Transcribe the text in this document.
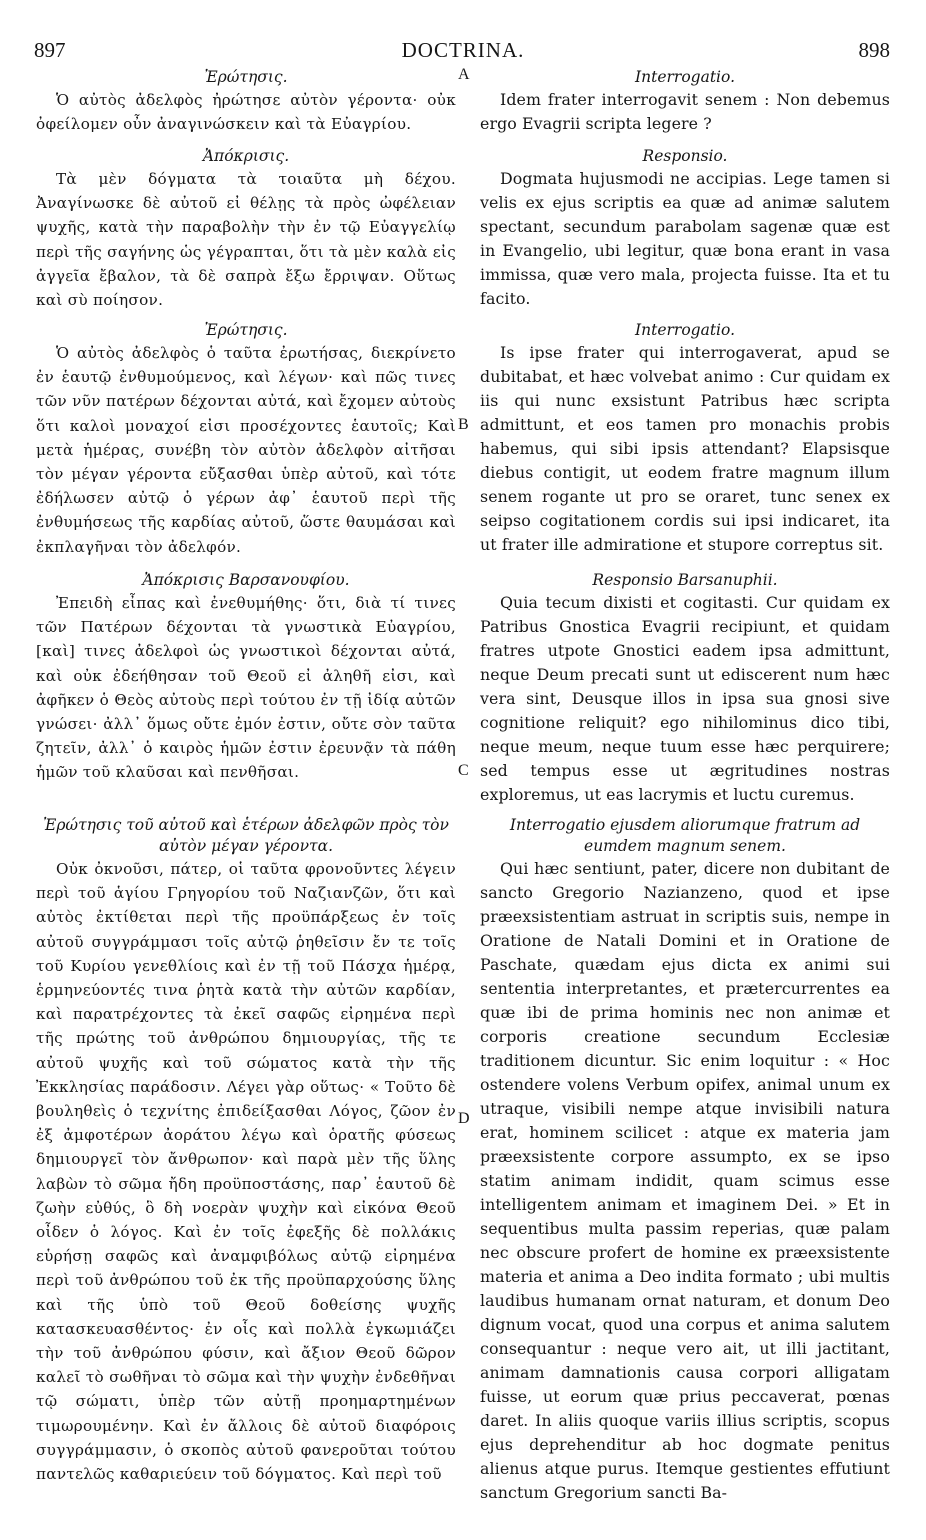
897	DOCTRINA.	898
A
B
C
D
Ἐρώτησις.
Ὁ αὐτὸς ἀδελφὸς ἠρώτησε αὐτὸν γέροντα· οὐκ ὀφείλομεν οὖν ἀναγινώσκειν καὶ τὰ Εὐαγρίου.
Ἀπόκρισις.
Τὰ μὲν δόγματα τὰ τοιαῦτα μὴ δέχου. Ἀναγίνωσκε δὲ αὐτοῦ εἰ θέλῃς τὰ πρὸς ὠφέλειαν ψυχῆς, κατὰ τὴν παραβολὴν τὴν ἐν τῷ Εὐαγγελίῳ περὶ τῆς σαγήνης ὡς γέγραπται, ὅτι τὰ μὲν καλὰ εἰς ἀγγεῖα ἔβαλον, τὰ δὲ σαπρὰ ἔξω ἔρριψαν. Οὕτως καὶ σὺ ποίησον.
Ἐρώτησις.
Ὁ αὐτὸς ἀδελφὸς ὁ ταῦτα ἐρωτήσας, διεκρίνετο ἐν ἑαυτῷ ἐνθυμούμενος, καὶ λέγων· καὶ πῶς τινες τῶν νῦν πατέρων δέχονται αὐτά, καὶ ἔχομεν αὐτοὺς ὅτι καλοὶ μοναχοί εἰσι προσέχοντες ἑαυτοῖς; Καὶ μετὰ ἡμέρας, συνέβη τὸν αὐτὸν ἀδελφὸν αἰτῆσαι τὸν μέγαν γέροντα εὔξασθαι ὑπὲρ αὐτοῦ, καὶ τότε ἐδήλωσεν αὐτῷ ὁ γέρων ἀφ᾽ ἑαυτοῦ περὶ τῆς ἐνθυμήσεως τῆς καρδίας αὐτοῦ, ὥστε θαυμάσαι καὶ ἐκπλαγῆναι τὸν ἀδελφόν.
Ἀπόκρισις Βαρσανουφίου.
Ἐπειδὴ εἶπας καὶ ἐνεθυμήθης· ὅτι, διὰ τί τινες τῶν Πατέρων δέχονται τὰ γνωστικὰ Εὐαγρίου, [καὶ] τινες ἀδελφοὶ ὡς γνωστικοὶ δέχονται αὐτά, καὶ οὐκ ἐδεήθησαν τοῦ Θεοῦ εἰ ἀληθῆ εἰσι, καὶ ἀφῆκεν ὁ Θεὸς αὐτοὺς περὶ τούτου ἐν τῇ ἰδίᾳ αὐτῶν γνώσει· ἀλλ᾽ ὅμως οὔτε ἐμόν ἐστιν, οὔτε σὸν ταῦτα ζητεῖν, ἀλλ᾽ ὁ καιρὸς ἡμῶν ἐστιν ἐρευνᾷν τὰ πάθη ἡμῶν τοῦ κλαῦσαι καὶ πενθῆσαι.
Ἐρώτησις τοῦ αὐτοῦ καὶ ἑτέρων ἀδελφῶν πρὸς τὸν αὐτὸν μέγαν γέροντα.
Οὐκ ὀκνοῦσι, πάτερ, οἱ ταῦτα φρονοῦντες λέγειν περὶ τοῦ ἁγίου Γρηγορίου τοῦ Ναζιανζῶν, ὅτι καὶ αὐτὸς ἐκτίθεται περὶ τῆς προϋπάρξεως ἐν τοῖς αὐτοῦ συγγράμμασι τοῖς αὐτῷ ῥηθεῖσιν ἔν τε τοῖς τοῦ Κυρίου γενεθλίοις καὶ ἐν τῇ τοῦ Πάσχα ἡμέρᾳ, ἑρμηνεύοντές τινα ῥητὰ κατὰ τὴν αὐτῶν καρδίαν, καὶ παρατρέχοντες τὰ ἐκεῖ σαφῶς εἰρημένα περὶ τῆς πρώτης τοῦ ἀνθρώπου δημιουργίας, τῆς τε αὐτοῦ ψυχῆς καὶ τοῦ σώματος κατὰ τὴν τῆς Ἐκκλησίας παράδοσιν. Λέγει γὰρ οὕτως· « Τοῦτο δὲ βουληθεὶς ὁ τεχνίτης ἐπιδείξασθαι Λόγος, ζῶον ἐν ἐξ ἀμφοτέρων ἀοράτου λέγω καὶ ὁρατῆς φύσεως δημιουργεῖ τὸν ἄνθρωπον· καὶ παρὰ μὲν τῆς ὕλης λαβὼν τὸ σῶμα ἤδη προϋποστάσης, παρ᾽ ἑαυτοῦ δὲ ζωὴν εὐθύς, ὃ δὴ νοερὰν ψυχὴν καὶ εἰκόνα Θεοῦ οἶδεν ὁ λόγος. Καὶ ἐν τοῖς ἐφεξῆς δὲ πολλάκις εὑρήσῃ σαφῶς καὶ ἀναμφιβόλως αὐτῷ εἰρημένα περὶ τοῦ ἀνθρώπου τοῦ ἐκ τῆς προϋπαρχούσης ὕλης καὶ τῆς ὑπὸ τοῦ Θεοῦ δοθείσης ψυχῆς κατασκευασθέντος· ἐν οἷς καὶ πολλὰ ἐγκωμιάζει τὴν τοῦ ἀνθρώπου φύσιν, καὶ ἄξιον Θεοῦ δῶρον καλεῖ τὸ σωθῆναι τὸ σῶμα καὶ τὴν ψυχὴν ἐνδεθῆναι τῷ σώματι, ὑπὲρ τῶν αὐτῇ προημαρτημένων τιμωρουμένην. Καὶ ἐν ἄλλοις δὲ αὐτοῦ διαφόροις συγγράμμασιν, ὁ σκοπὸς αὐτοῦ φανεροῦται τούτου παντελῶς καθαριεύειν τοῦ δόγματος. Καὶ περὶ τοῦ
Interrogatio.
Idem frater interrogavit senem : Non debemus ergo Evagrii scripta legere ?
Responsio.
Dogmata hujusmodi ne accipias. Lege tamen si velis ex ejus scriptis ea quæ ad animæ salutem spectant, secundum parabolam sagenæ quæ est in Evangelio, ubi legitur, quæ bona erant in vasa immissa, quæ vero mala, projecta fuisse. Ita et tu facito.
Interrogatio.
Is ipse frater qui interrogaverat, apud se dubitabat, et hæc volvebat animo : Cur quidam ex iis qui nunc exsistunt Patribus hæc scripta admittunt, et eos tamen pro monachis probis habemus, qui sibi ipsis attendant? Elapsisque diebus contigit, ut eodem fratre magnum illum senem rogante ut pro se oraret, tunc senex ex seipso cogitationem cordis sui ipsi indicaret, ita ut frater ille admiratione et stupore correptus sit.
Responsio Barsanuphii.
Quia tecum dixisti et cogitasti. Cur quidam ex Patribus Gnostica Evagrii recipiunt, et quidam fratres utpote Gnostici eadem ipsa admittunt, neque Deum precati sunt ut ediscerent num hæc vera sint, Deusque illos in ipsa sua gnosi sive cognitione reliquit? ego nihilominus dico tibi, neque meum, neque tuum esse hæc perquirere; sed tempus esse ut ægritudines nostras exploremus, ut eas lacrymis et luctu curemus.
Interrogatio ejusdem aliorumque fratrum ad eumdem magnum senem.
Qui hæc sentiunt, pater, dicere non dubitant de sancto Gregorio Nazianzeno, quod et ipse præexsistentiam astruat in scriptis suis, nempe in Oratione de Natali Domini et in Oratione de Paschate, quædam ejus dicta ex animi sui sententia interpretantes, et prætercurrentes ea quæ ibi de prima hominis nec non animæ et corporis creatione secundum Ecclesiæ traditionem dicuntur. Sic enim loquitur : « Hoc ostendere volens Verbum opifex, animal unum ex utraque, visibili nempe atque invisibili natura erat, hominem scilicet : atque ex materia jam præexsistente corpore assumpto, ex se ipso statim animam indidit, quam scimus esse intelligentem animam et imaginem Dei. » Et in sequentibus multa passim reperias, quæ palam nec obscure profert de homine ex præexsistente materia et anima a Deo indita formato ; ubi multis laudibus humanam ornat naturam, et donum Deo dignum vocat, quod una corpus et anima salutem consequantur : neque vero ait, ut illi jactitant, animam damnationis causa corpori alligatam fuisse, ut eorum quæ prius peccaverat, pœnas daret. In aliis quoque variis illius scriptis, scopus ejus deprehenditur ab hoc dogmate penitus alienus atque purus. Itemque gestientes effutiunt sanctum Gregorium sancti Ba-
